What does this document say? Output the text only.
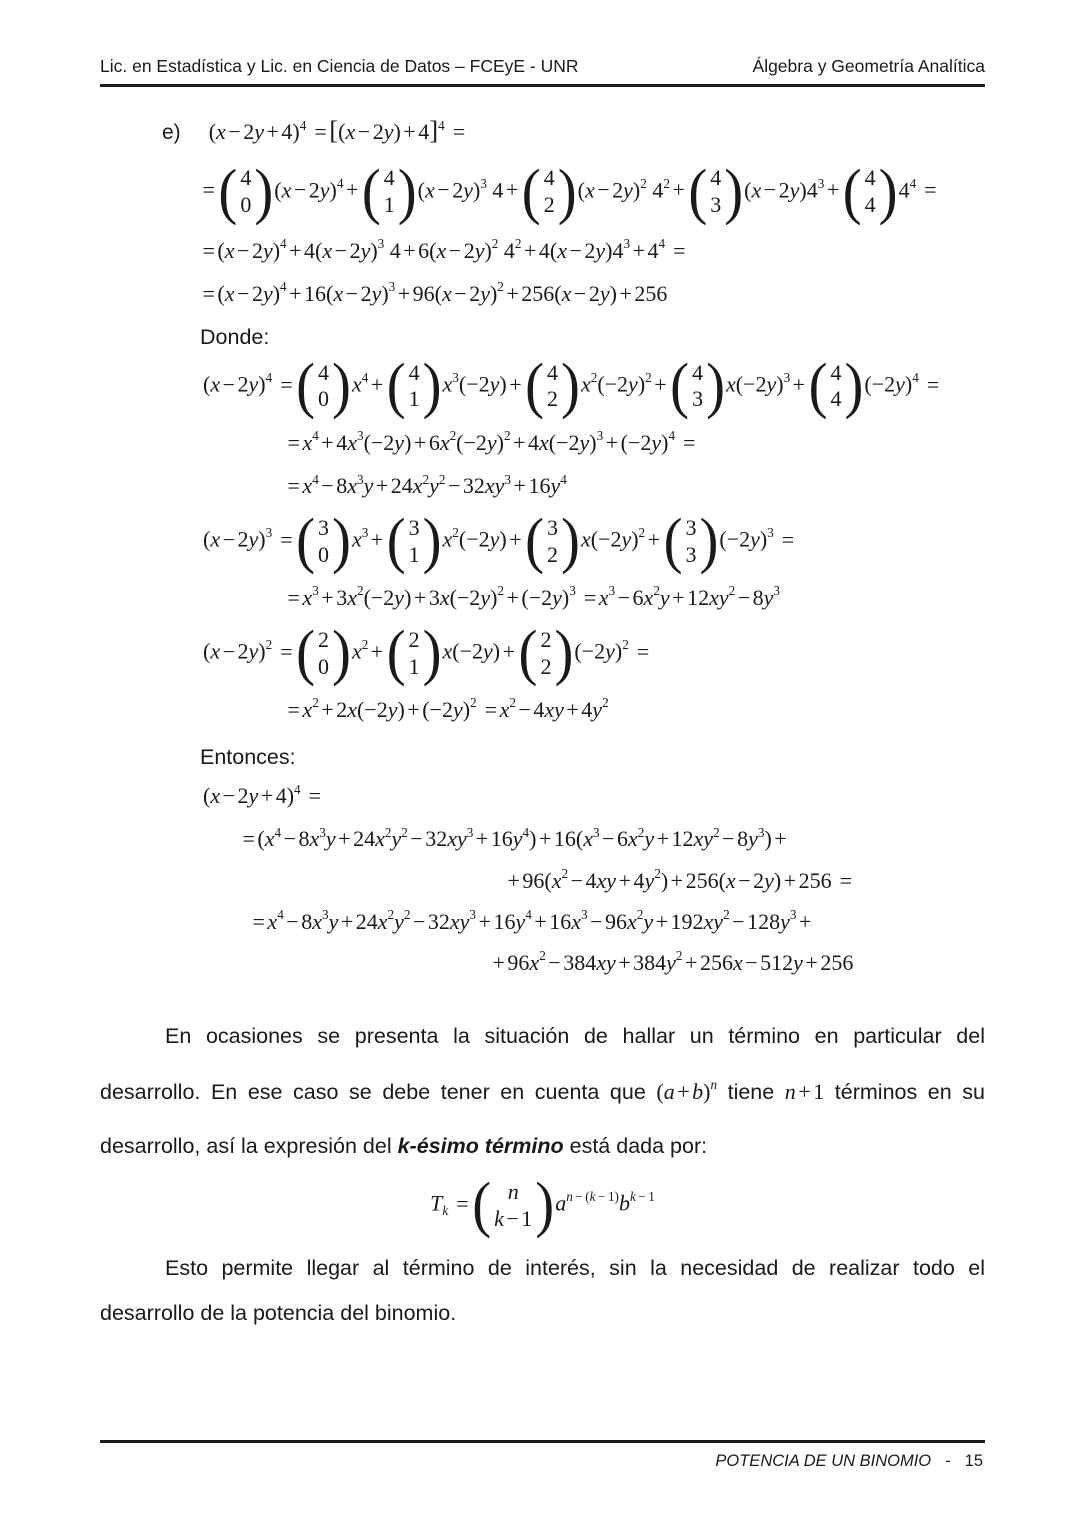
Lic. en Estadística y Lic. en Ciencia de Datos – FCEyE - UNR	Álgebra y Geometría Analítica
e) $(x - 2y + 4)^4 =[(x - 2y) + 4]^4$ =
= ( 4
0 ) $(x - 2y)^4$ + ( 4
1 ) $(x - 2y)^3$ 4 + ( 4
2 ) $(x - 2y)^2$ $4^2$ + ( 4
3 ) $(x - 2y)4^3$ + ( 4
4 ) $4^4$ =
= $(x - 2y)^4 + 4(x - 2y)^3$ $4 + 6(x - 2y)^2$ $4^2 + 4(x - 2y)4^3 + 4^4$ =
= $(x - 2y)^4 + 16(x - 2y)^3 + 96(x - 2y)^2 + 256(x - 2y) + 256$
Donde:
$(x - 2y)^4$ = ( 4
0 ) $x^4$ + ( 4
1 ) $x^3(-2y)$ + ( 4
2 ) $x^2(-2y)^2$ + ( 4
3 ) $x(-2y)^3$ + ( 4
4 ) $(-2y)^4$ =
= $x^4 + 4x^3(-2y) + 6x^2(-2y)^2 + 4x(-2y)^3 + (-2y)^4$ =
= $x^4 - 8x^3y + 24x^2y^2 - 32xy^3 + 16y^4$
$(x - 2y)^3$ = ( 3
0 ) $x^3$ + ( 3
1 ) $x^2(-2y)$ + ( 3
2 ) $x(-2y)^2$ + ( 3
3 ) $(-2y)^3$ =
= $x^3 + 3x^2(-2y) + 3x(-2y)^2 + (-2y)^3 = x^3 - 6x^2y + 12xy^2 - 8y^3$
$(x - 2y)^2$ = ( 2
0 ) $x^2$ + ( 2
1 ) x(−2y) + ( 2
2 ) $(-2y)^2$ =
= $x^2 + 2x(-2y) + (-2y)^2 = x^2 - 4xy + 4y^2$
Entonces:
$(x - 2y + 4)^4$ =
= $(x^4 - 8x^3y + 24x^2y^2 - 32xy^3 + 16y^4) + 16(x^3 - 6x^2y + 12xy^2 - 8y^3)$ +
+ $96(x^2 - 4xy + 4y^2) + 256(x - 2y) + 256$ =
= $x^4 - 8x^3y + 24x^2y^2 - 32xy^3 + 16y^4 + 16x^3 - 96x^2y + 192xy^2 - 128y^3$ +
+ $96x^2 - 384xy + 384y^2 + 256x - 512y + 256$

En ocasiones se presenta la situación de hallar un término en particular del desarrollo. En ese caso se debe tener en cuenta que $(a + b)^n$ tiene n + 1 términos en su desarrollo, así la expresión del k-ésimo término está dada por:

$T_k$ = ( n
k − 1 ) $a^{n - (k - 1)}b^{k - 1}$

Esto permite llegar al término de interés, sin la necesidad de realizar todo el desarrollo de la potencia del binomio.

POTENCIA DE UN BINOMIO - 15
